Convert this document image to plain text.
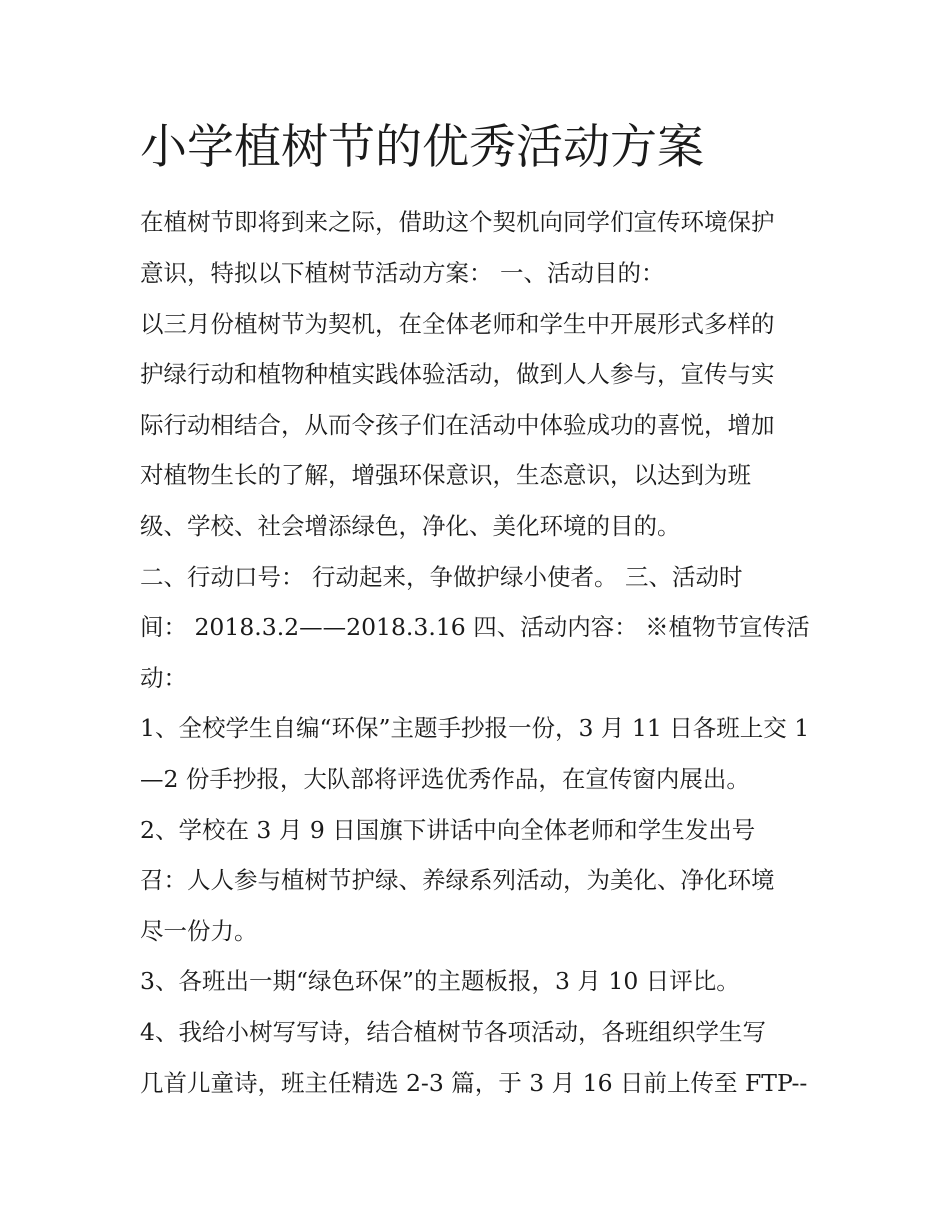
小学植树节的优秀活动方案

在植树节即将到来之际，借助这个契机向同学们宣传环境保护

意识，特拟以下植树节活动方案： 一、活动目的：

以三月份植树节为契机，在全体老师和学生中开展形式多样的

护绿行动和植物种植实践体验活动，做到人人参与，宣传与实

际行动相结合，从而令孩子们在活动中体验成功的喜悦，增加

对植物生长的了解，增强环保意识，生态意识，以达到为班

级、学校、社会增添绿色，净化、美化环境的目的。

二、行动口号： 行动起来，争做护绿小使者。 三、活动时

间： 2018.3.2——2018.3.16 四、活动内容： ※植物节宣传活

动：

1、全校学生自编“环保”主题手抄报一份，3 月 11 日各班上交 1

—2 份手抄报，大队部将评选优秀作品，在宣传窗内展出。

2、学校在 3 月 9 日国旗下讲话中向全体老师和学生发出号

召：人人参与植树节护绿、养绿系列活动，为美化、净化环境

尽一份力。

3、各班出一期“绿色环保”的主题板报，3 月 10 日评比。

4、我给小树写写诗，结合植树节各项活动，各班组织学生写

几首儿童诗，班主任精选 2-3 篇，于 3 月 16 日前上传至 FTP--
